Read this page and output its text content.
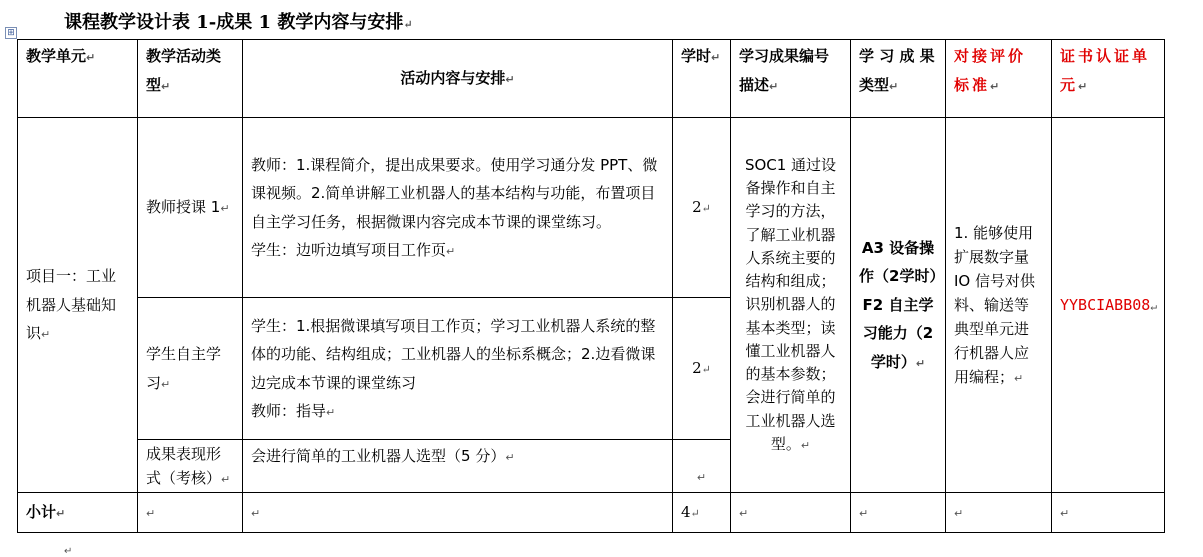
课程教学设计表 1-成果 1 教学内容与安排↵
⊞
教学单元↵	教学活动类型↵	活动内容与安排↵	学时↵	学习成果编号描述↵	学 习 成 果类型↵	对接评价标准↵	证书认证单元↵
项目一：工业机器人基础知识↵	教师授课 1↵	教师：1.课程简介，提出成果要求。使用学习通分发 PPT、微课视频。2.简单讲解工业机器人的基本结构与功能，布置项目自主学习任务，根据微课内容完成本节课的课堂练习。
学生：边听边填写项目工作页↵	2↵	SOC1 通过设备操作和自主学习的方法，了解工业机器人系统主要的结构和组成；识别机器人的基本类型；读懂工业机器人的基本参数；会进行简单的工业机器人选型。↵	A3 设备操作（2学时）F2 自主学习能力（2学时）↵	1. 能够使用扩展数字量 IO 信号对供料、输送等典型单元进行机器人应用编程；↵	YYBCIABB08↵
	学生自主学习↵	学生：1.根据微课填写项目工作页；学习工业机器人系统的整体的功能、结构组成；工业机器人的坐标系概念；2.边看微课边完成本节课的课堂练习
教师：指导↵	2↵				
	成果表现形式（考核）↵	会进行简单的工业机器人选型（5 分）↵	↵				
小计↵	↵	↵	4↵	↵	↵	↵	↵
↵
